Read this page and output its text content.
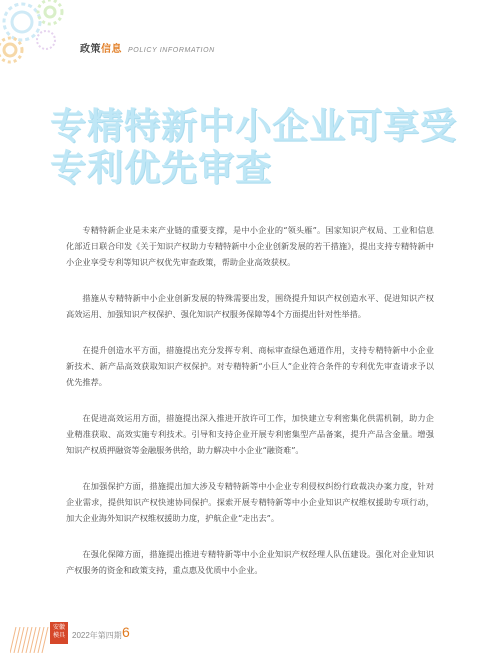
政策信息 POLICY INFORMATION
专精特新中小企业可享受
专利优先审查

专精特新企业是未来产业链的重要支撑，是中小企业的“领头雁”。国家知识产权局、工业和信息化部近日联合印发《关于知识产权助力专精特新中小企业创新发展的若干措施》，提出支持专精特新中小企业享受专利等知识产权优先审查政策，帮助企业高效获权。

措施从专精特新中小企业创新发展的特殊需要出发，围绕提升知识产权创造水平、促进知识产权高效运用、加强知识产权保护、强化知识产权服务保障等4个方面提出针对性举措。

在提升创造水平方面，措施提出充分发挥专利、商标审查绿色通道作用，支持专精特新中小企业新技术、新产品高效获取知识产权保护。对专精特新“小巨人”企业符合条件的专利优先审查请求予以优先推荐。

在促进高效运用方面，措施提出深入推进开放许可工作，加快建立专利密集化供需机制，助力企业精准获取、高效实施专利技术。引导和支持企业开展专利密集型产品备案，提升产品含金量。增强知识产权质押融资等金融服务供给，助力解决中小企业“融资难”。

在加强保护方面，措施提出加大涉及专精特新等中小企业专利侵权纠纷行政裁决办案力度，针对企业需求，提供知识产权快速协同保护。探索开展专精特新等中小企业知识产权维权援助专项行动，加大企业海外知识产权维权援助力度，护航企业“走出去”。

在强化保障方面，措施提出推进专精特新等中小企业知识产权经理人队伍建设。强化对企业知识产权服务的资金和政策支持，重点惠及优质中小企业。

安徽 模具 2022年第四期 6
